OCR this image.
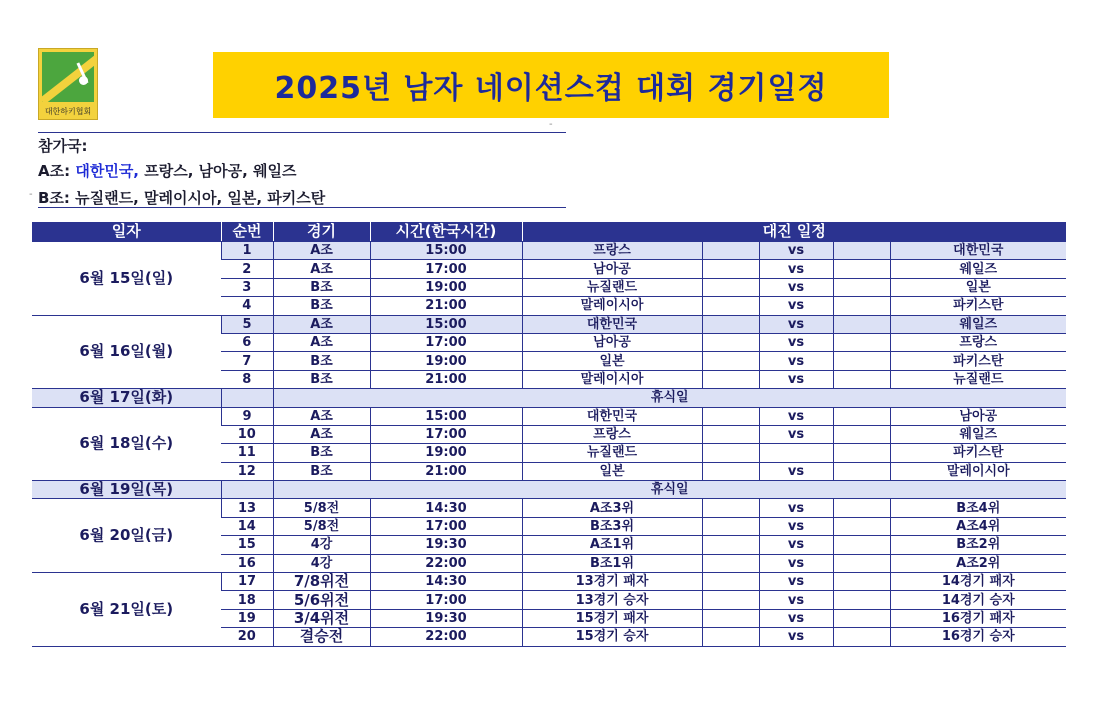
대한하키협회
2025년 남자 네이션스컵 대회 경기일정
-
참가국:
A조: 대한민국, 프랑스, 남아공, 웨일즈
- B조: 뉴질랜드, 말레이시아, 일본, 파키스탄
일자	순번	경기	시간(한국시간)	대진 일정				
6월 15일(일)	1	A조	15:00	프랑스		vs		대한민국
	2	A조	17:00	남아공		vs		웨일즈
	3	B조	19:00	뉴질랜드		vs		일본
	4	B조	21:00	말레이시아		vs		파키스탄
6월 16일(월)	5	A조	15:00	대한민국		vs		웨일즈
	6	A조	17:00	남아공		vs		프랑스
	7	B조	19:00	일본		vs		파키스탄
	8	B조	21:00	말레이시아		vs		뉴질랜드
6월 17일(화)		휴식일						
6월 18일(수)	9	A조	15:00	대한민국		vs		남아공
	10	A조	17:00	프랑스		vs		웨일즈
	11	B조	19:00	뉴질랜드				파키스탄
	12	B조	21:00	일본		vs		말레이시아
6월 19일(목)		휴식일						
6월 20일(금)	13	5/8전	14:30	A조3위		vs		B조4위
	14	5/8전	17:00	B조3위		vs		A조4위
	15	4강	19:30	A조1위		vs		B조2위
	16	4강	22:00	B조1위		vs		A조2위
6월 21일(토)	17	7/8위전	14:30	13경기 패자		vs		14경기 패자
	18	5/6위전	17:00	13경기 승자		vs		14경기 승자
	19	3/4위전	19:30	15경기 패자		vs		16경기 패자
	20	결승전	22:00	15경기 승자		vs		16경기 승자
